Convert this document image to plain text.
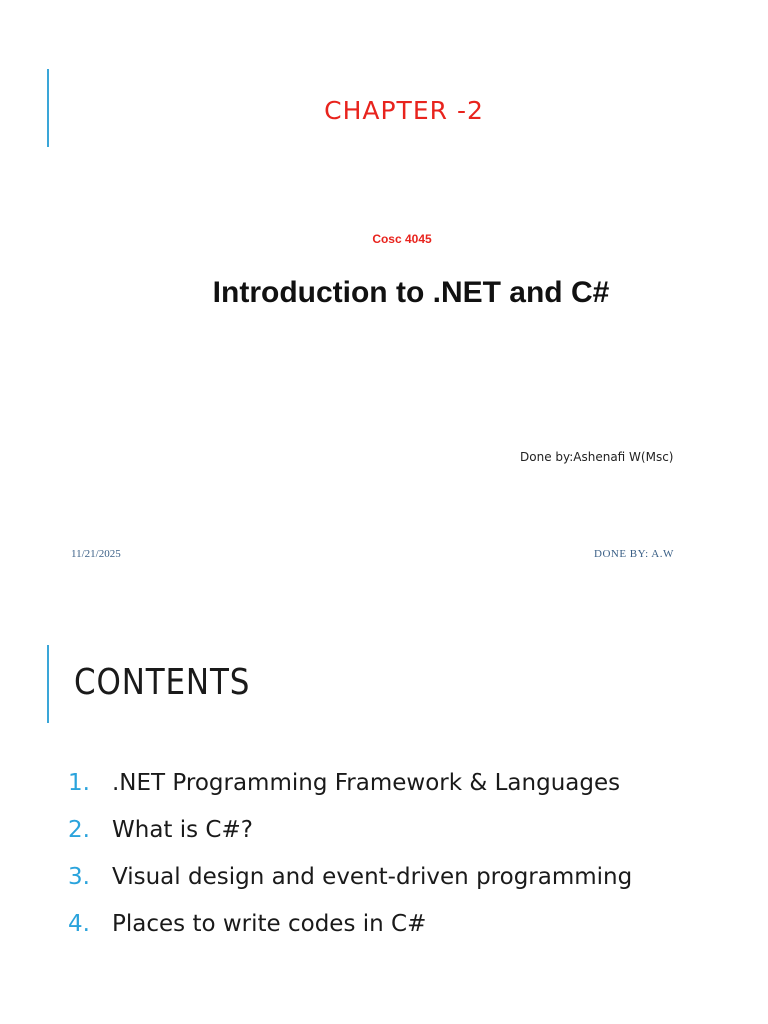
CHAPTER -2
Cosc 4045
Introduction to .NET and C#
Done by:Ashenafi W(Msc)
11/21/2025	DONE BY: A.W
CONTENTS
1. .NET Programming Framework & Languages
2. What is C#?
3. Visual design and event-driven programming
4. Places to write codes in C#
